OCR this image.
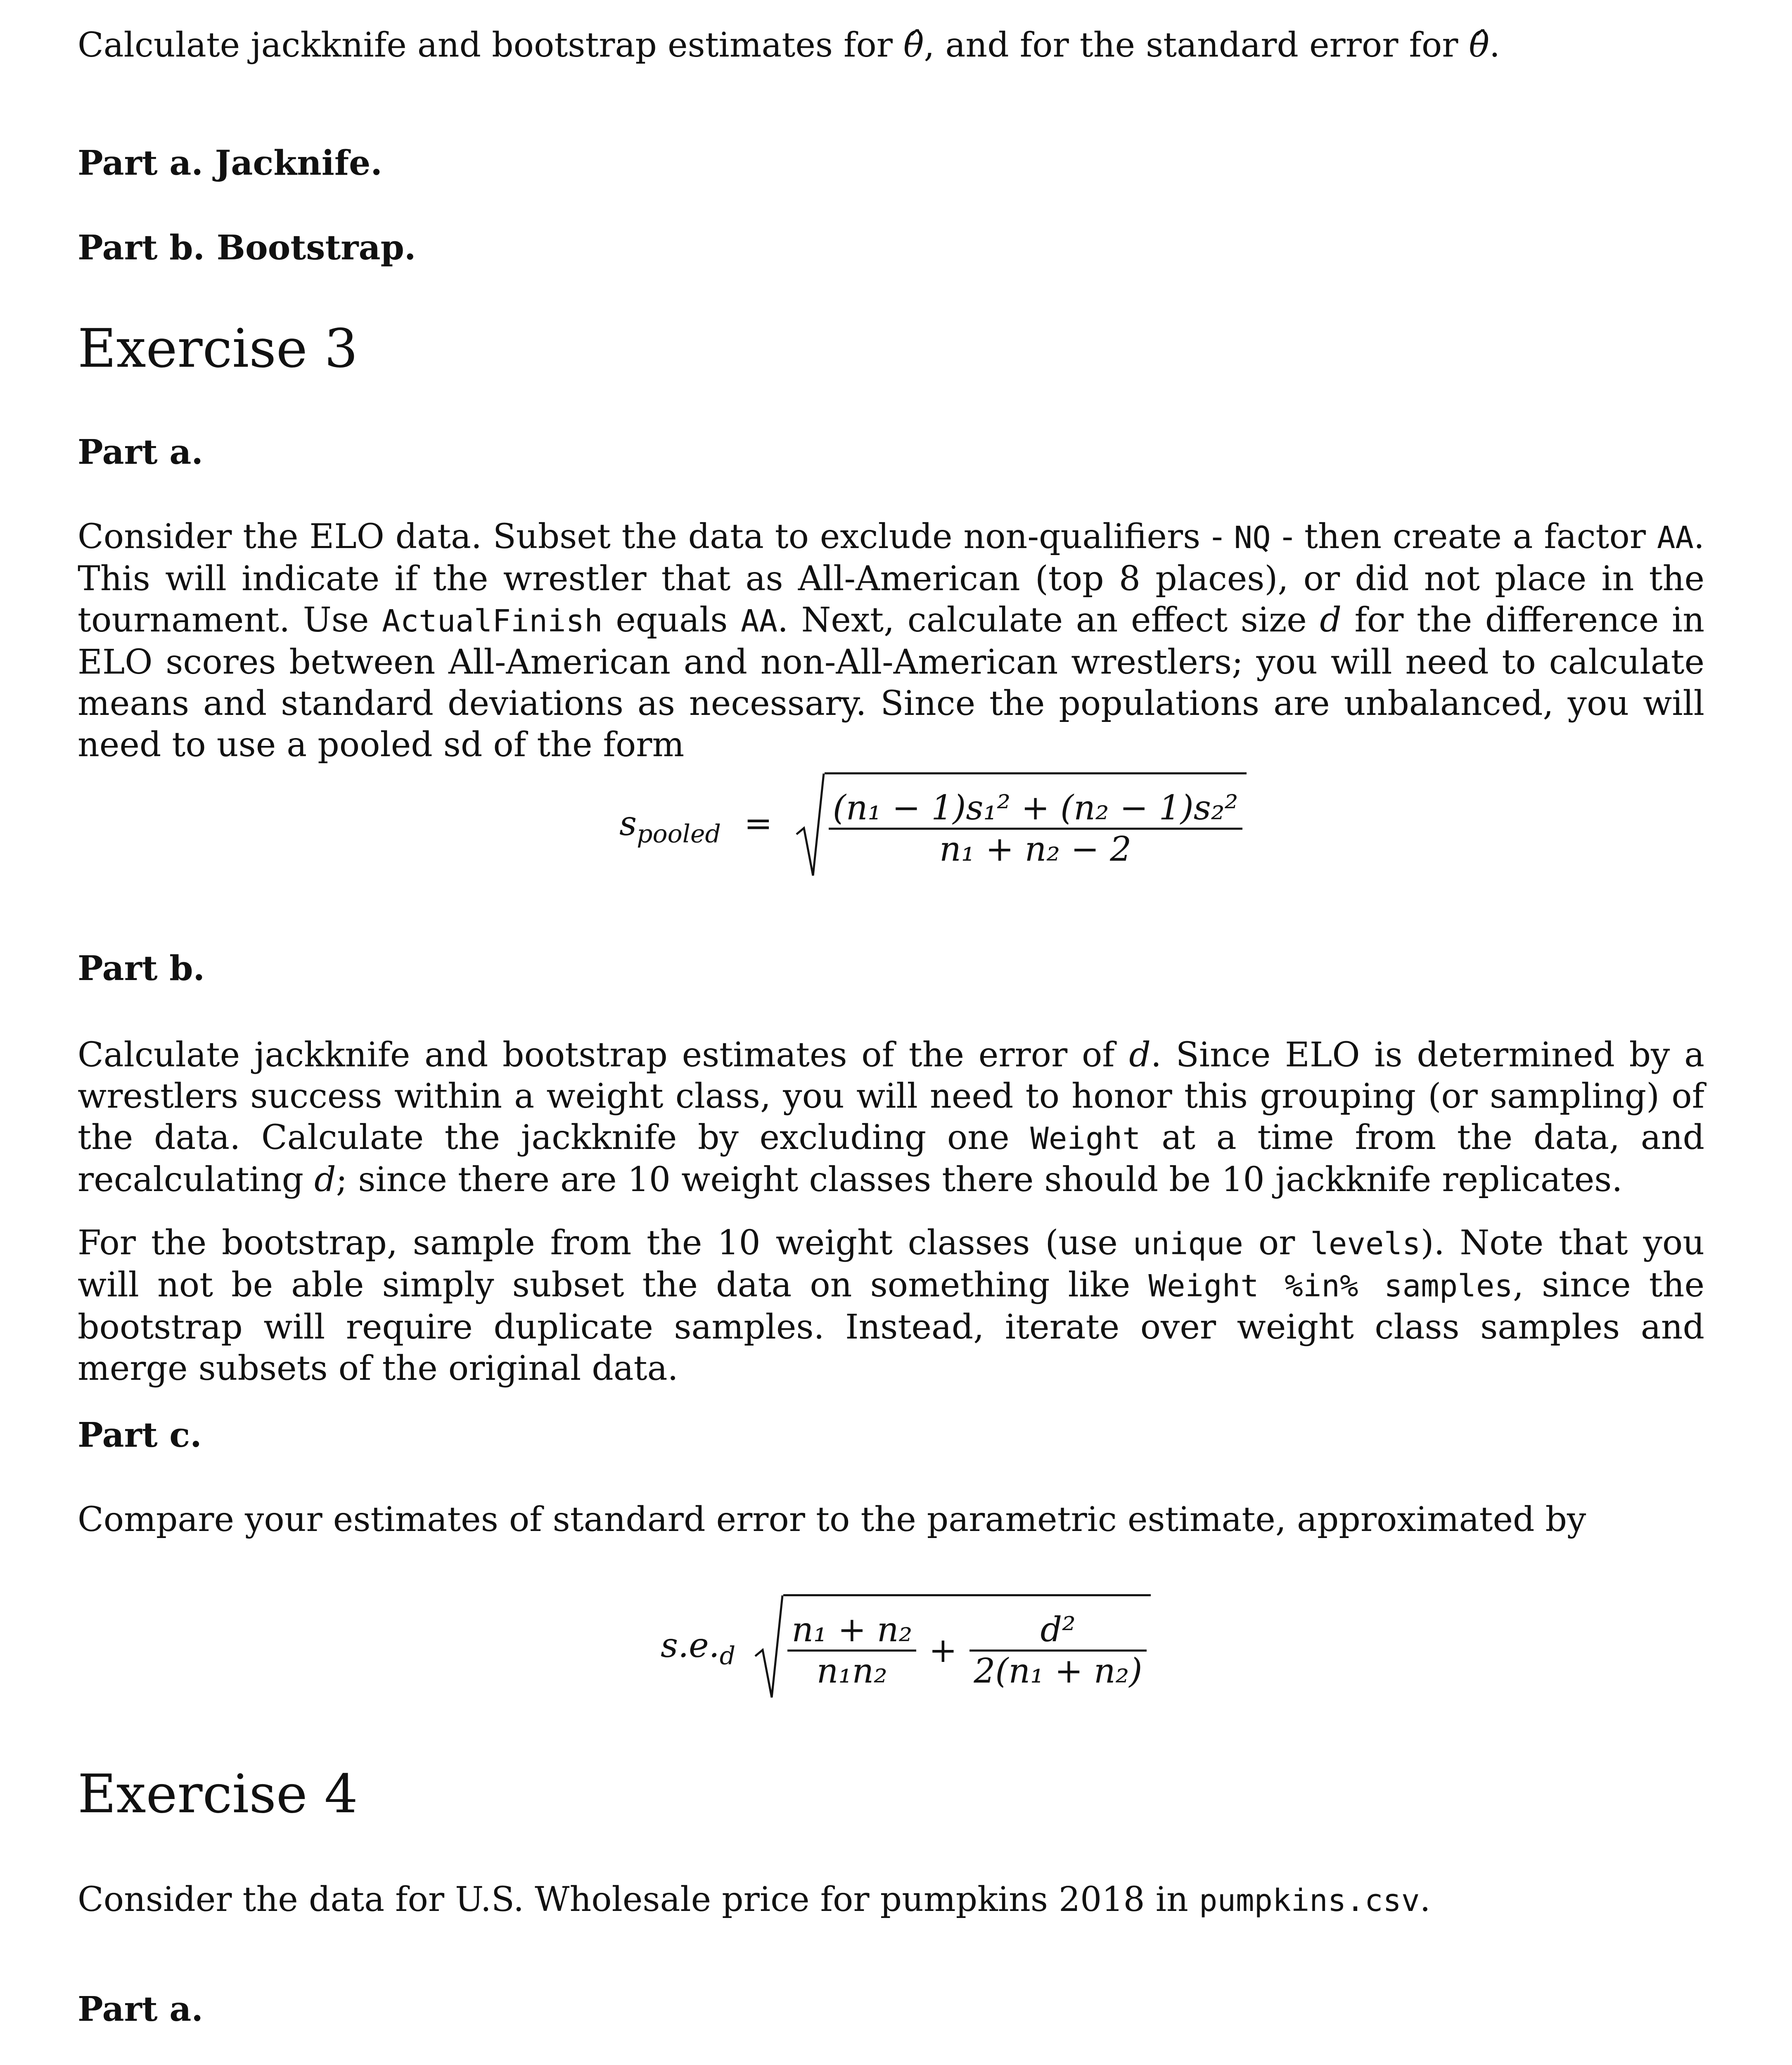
Calculate jackknife and bootstrap estimates for θ̂, and for the standard error for θ̂.

Part a. Jacknife.
Part b. Bootstrap.
Exercise 3
Part a.

Consider the ELO data. Subset the data to exclude non-qualifiers - NQ - then create a factor AA. This will indicate if the wrestler that as All-American (top 8 places), or did not place in the tournament. Use ActualFinish equals AA. Next, calculate an effect size d for the difference in ELO scores between All-American and non-All-American wrestlers; you will need to calculate means and standard deviations as necessary. Since the populations are unbalanced, you will need to use a pooled sd of the form

$s_{pooled} = \frac{\text{(n₁ − 1)s₁² + (n₂ − 1)s₂²}}{\text{n₁ + n₂ − 2}}$
Part b.

Calculate jackknife and bootstrap estimates of the error of d. Since ELO is determined by a wrestlers success within a weight class, you will need to honor this grouping (or sampling) of the data. Calculate the jackknife by excluding one Weight at a time from the data, and recalculating d; since there are 10 weight classes there should be 10 jackknife replicates.

For the bootstrap, sample from the 10 weight classes (use unique or levels). Note that you will not be able simply subset the data on something like Weight %in% samples, since the bootstrap will require duplicate samples. Instead, iterate over weight class samples and merge subsets of the original data.

Part c.

Compare your estimates of standard error to the parametric estimate, approximated by

$s.e._d \frac{\text{n₁ + n₂}}{\text{n₁n₂}} + \frac{\text{d²}}{\text{2(n₁ + n₂)}}$
Exercise 4

Consider the data for U.S. Wholesale price for pumpkins 2018 in pumpkins.csv.

Part a.
